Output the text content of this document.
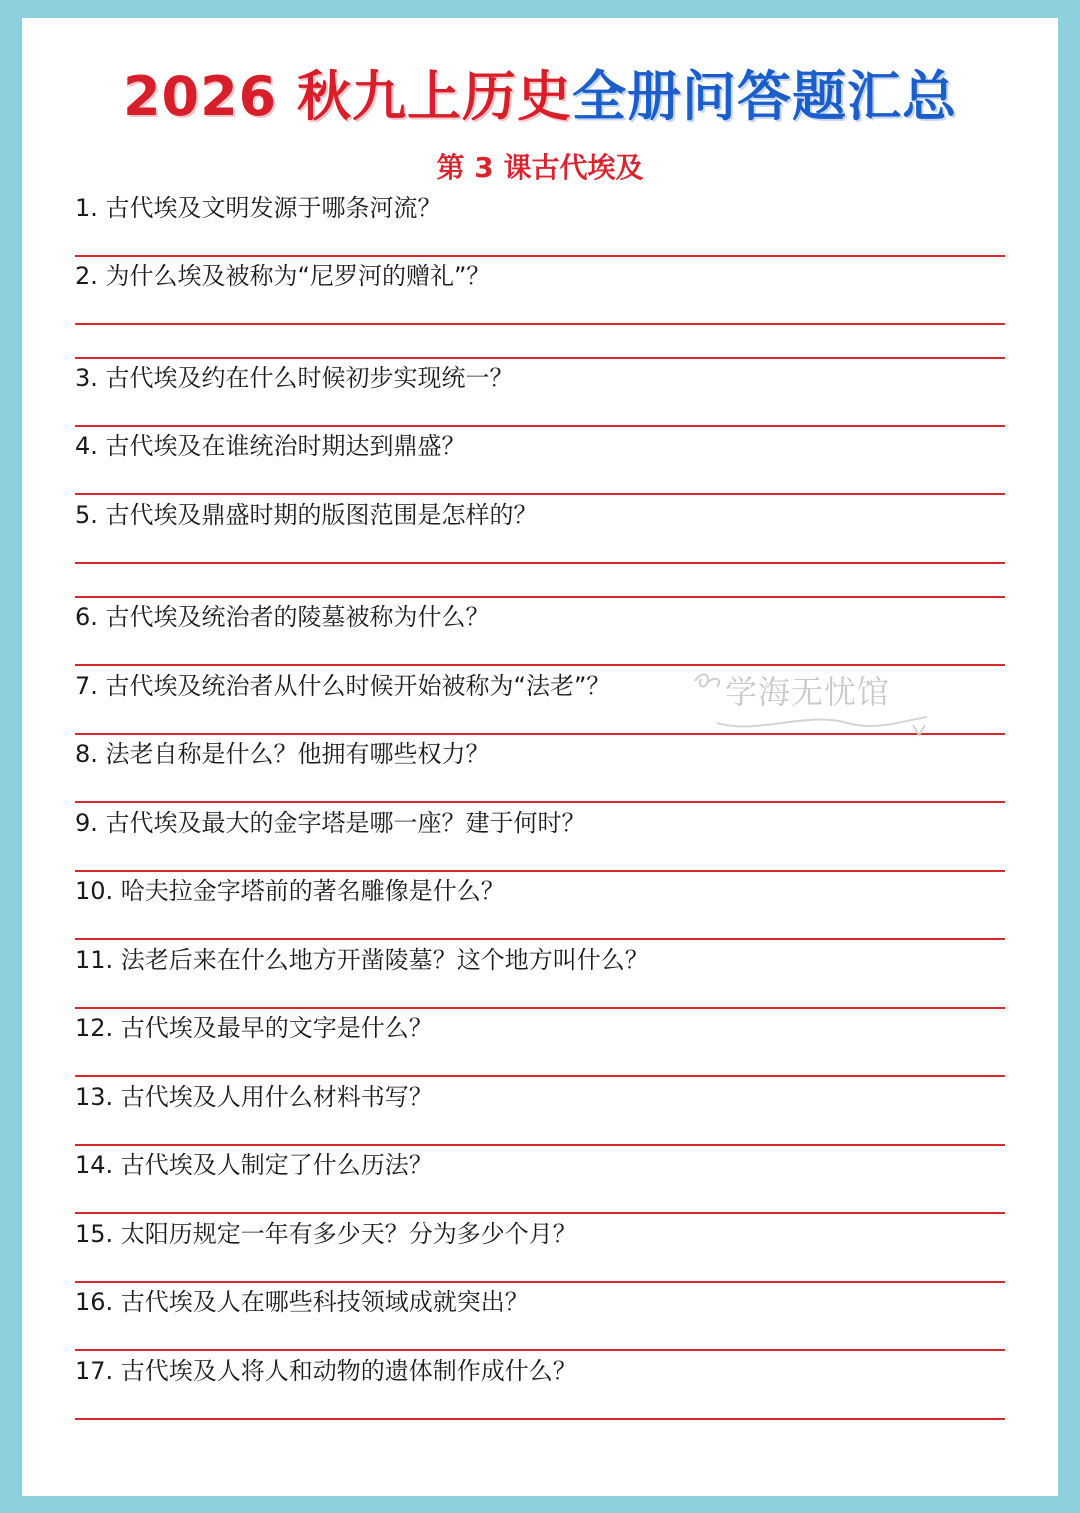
2026 秋九上历史全册问答题汇总
第 3 课古代埃及
1. 古代埃及文明发源于哪条河流？
2. 为什么埃及被称为“尼罗河的赠礼”？
3. 古代埃及约在什么时候初步实现统一？
4. 古代埃及在谁统治时期达到鼎盛？
5. 古代埃及鼎盛时期的版图范围是怎样的？
6. 古代埃及统治者的陵墓被称为什么？
7. 古代埃及统治者从什么时候开始被称为“法老”？
8. 法老自称是什么？他拥有哪些权力？
9. 古代埃及最大的金字塔是哪一座？建于何时？
10. 哈夫拉金字塔前的著名雕像是什么？
11. 法老后来在什么地方开凿陵墓？这个地方叫什么？
12. 古代埃及最早的文字是什么？
13. 古代埃及人用什么材料书写？
14. 古代埃及人制定了什么历法？
15. 太阳历规定一年有多少天？分为多少个月？
16. 古代埃及人在哪些科技领域成就突出？
17. 古代埃及人将人和动物的遗体制作成什么？
学海无忧馆
